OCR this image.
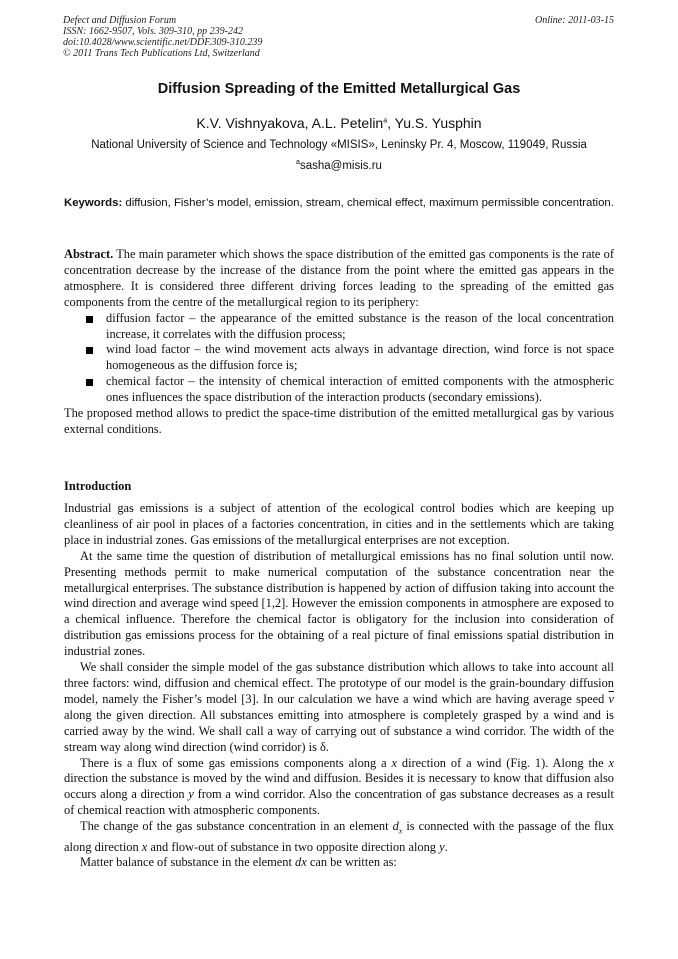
Defect and Diffusion Forum
ISSN: 1662-9507, Vols. 309-310, pp 239-242
doi:10.4028/www.scientific.net/DDF.309-310.239
© 2011 Trans Tech Publications Ltd, Switzerland
Online: 2011-03-15
Diffusion Spreading of the Emitted Metallurgical Gas
K.V. Vishnyakova, A.L. Petelin$^a$, Yu.S. Yusphin
National University of Science and Technology «MISIS», Leninsky Pr. 4, Moscow, 119049, Russia
$^a$sasha@misis.ru
Keywords: diffusion, Fisher’s model, emission, stream, chemical effect, maximum permissible concentration.
Abstract. The main parameter which shows the space distribution of the emitted gas components is the rate of concentration decrease by the increase of the distance from the point where the emitted gas appears in the atmosphere. It is considered three different driving forces leading to the spreading of the emitted gas components from the centre of the metallurgical region to its periphery:
diffusion factor – the appearance of the emitted substance is the reason of the local concentration increase, it correlates with the diffusion process;
wind load factor – the wind movement acts always in advantage direction, wind force is not space homogeneous as the diffusion force is;
chemical factor – the intensity of chemical interaction of emitted components with the atmospheric ones influences the space distribution of the interaction products (secondary emissions).
The proposed method allows to predict the space-time distribution of the emitted metallurgical gas by various external conditions.
Introduction

Industrial gas emissions is a subject of attention of the ecological control bodies which are keeping up cleanliness of air pool in places of a factories concentration, in cities and in the settlements which are taking place in industrial zones. Gas emissions of the metallurgical enterprises are not exception.

At the same time the question of distribution of metallurgical emissions has no final solution until now. Presenting methods permit to make numerical computation of the substance concentration near the metallurgical enterprises. The substance distribution is happened by action of diffusion taking into account the wind direction and average wind speed [1,2]. However the emission components in atmosphere are exposed to a chemical influence. Therefore the chemical factor is obligatory for the inclusion into consideration of distribution gas emissions process for the obtaining of a real picture of final emissions spatial distribution in industrial zones.

We shall consider the simple model of the gas substance distribution which allows to take into account all three factors: wind, diffusion and chemical effect. The prototype of our model is the grain-boundary diffusion model, namely the Fisher’s model [3]. In our calculation we have a wind which are having average speed $\overline{v}$ along the given direction. All substances emitting into atmosphere is completely grasped by a wind and is carried away by the wind. We shall call a way of carrying out of substance a wind corridor. The width of the stream way along wind direction (wind corridor) is δ.

There is a flux of some gas emissions components along a x direction of a wind (Fig. 1). Along the x direction the substance is moved by the wind and diffusion. Besides it is necessary to know that diffusion also occurs along a direction y from a wind corridor. Also the concentration of gas substance decreases as a result of chemical reaction with atmospheric components.

The change of the gas substance concentration in an element $d_x$ is connected with the passage of the flux along direction x and flow-out of substance in two opposite direction along y.

Matter balance of substance in the element dx can be written as:
